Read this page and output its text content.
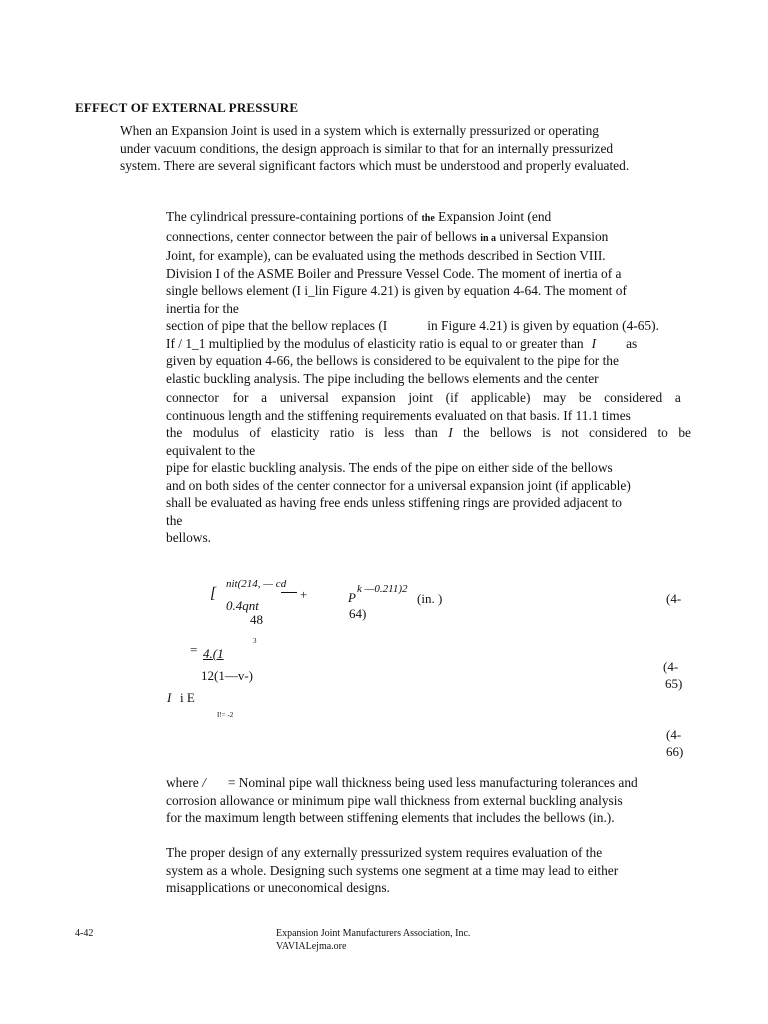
EFFECT OF EXTERNAL PRESSURE
When an Expansion Joint is used in a system which is externally pressurized or operating
under vacuum conditions, the design approach is similar to that for an internally pressurized
system. There are several significant factors which must be understood and properly evaluated.
The cylindrical pressure-containing portions of the Expansion Joint (end
connections, center connector between the pair of bellows in a universal Expansion
Joint, for example), can be evaluated using the methods described in Section VIII.
Division I of the ASME Boiler and Pressure Vessel Code. The moment of inertia of a
single bellows element (I i_lin Figure 4.21) is given by equation 4-64. The moment of
inertia for the
section of pipe that the bellow replaces (I	in Figure 4.21) is given by equation (4-65).
If / 1_1 multiplied by the modulus of elasticity ratio is equal to or greater than I as
given by equation 4-66, the bellows is considered to be equivalent to the pipe for the
elastic buckling analysis. The pipe including the bellows elements and the center
connector for a universal expansion joint (if applicable) may be considered a
continuous length and the stiffening requirements evaluated on that basis. If 11.1 times
the modulus of elasticity ratio is less than I the bellows is not considered to be
equivalent to the
pipe for elastic buckling analysis. The ends of the pipe on either side of the bellows
and on both sides of the center connector for a universal expansion joint (if applicable)
shall be evaluated as having free ends unless stiffening rings are provided adjacent to
the
bellows.
nit(214, — cd
[
0.4qnt
48
+	P
k —0.211)2
(in. )	(4-
64)
3
= 4.(1
12(1—v-)
(4-
65)
I i E
I!= -2
(4-
66)
where / = Nominal pipe wall thickness being used less manufacturing tolerances and
corrosion allowance or minimum pipe wall thickness from external buckling analysis
for the maximum length between stiffening elements that includes the bellows (in.).
The proper design of any externally pressurized system requires evaluation of the
system as a whole. Designing such systems one segment at a time may lead to either
misapplications or uneconomical designs.
4-42	Expansion Joint Manufacturers Association, Inc.
VAVIALejma.ore
